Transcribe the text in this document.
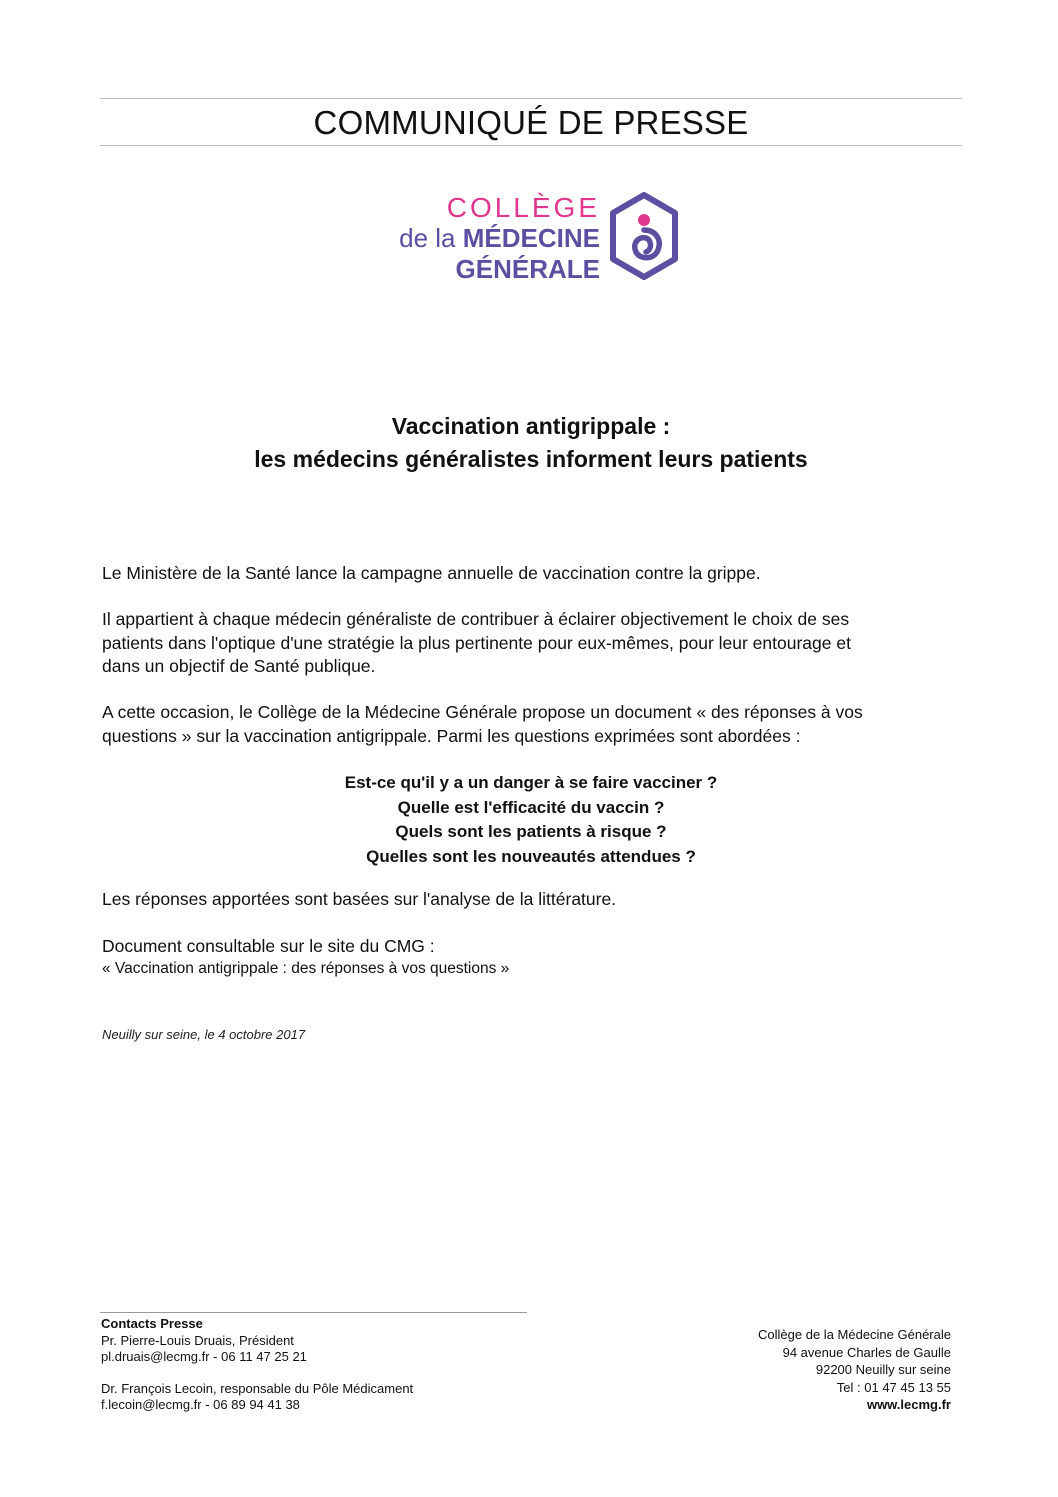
COMMUNIQUÉ DE PRESSE
COLLÈGE
de la MÉDECINE
GÉNÉRALE
Vaccination antigrippale :
les médecins généralistes informent leurs patients
Le Ministère de la Santé lance la campagne annuelle de vaccination contre la grippe.
Il appartient à chaque médecin généraliste de contribuer à éclairer objectivement le choix de ses
patients dans l'optique d'une stratégie la plus pertinente pour eux-mêmes, pour leur entourage et
dans un objectif de Santé publique.
A cette occasion, le Collège de la Médecine Générale propose un document « des réponses à vos
questions » sur la vaccination antigrippale. Parmi les questions exprimées sont abordées :
Est-ce qu'il y a un danger à se faire vacciner ?
Quelle est l'efficacité du vaccin ?
Quels sont les patients à risque ?
Quelles sont les nouveautés attendues ?
Les réponses apportées sont basées sur l'analyse de la littérature.
Document consultable sur le site du CMG :
« Vaccination antigrippale : des réponses à vos questions »
Neuilly sur seine, le 4 octobre 2017
Contacts Presse
Pr. Pierre-Louis Druais, Président
pl.druais@lecmg.fr - 06 11 47 25 21
Dr. François Lecoin, responsable du Pôle Médicament
f.lecoin@lecmg.fr - 06 89 94 41 38
Collège de la Médecine Générale
94 avenue Charles de Gaulle
92200 Neuilly sur seine
Tel : 01 47 45 13 55
www.lecmg.fr
